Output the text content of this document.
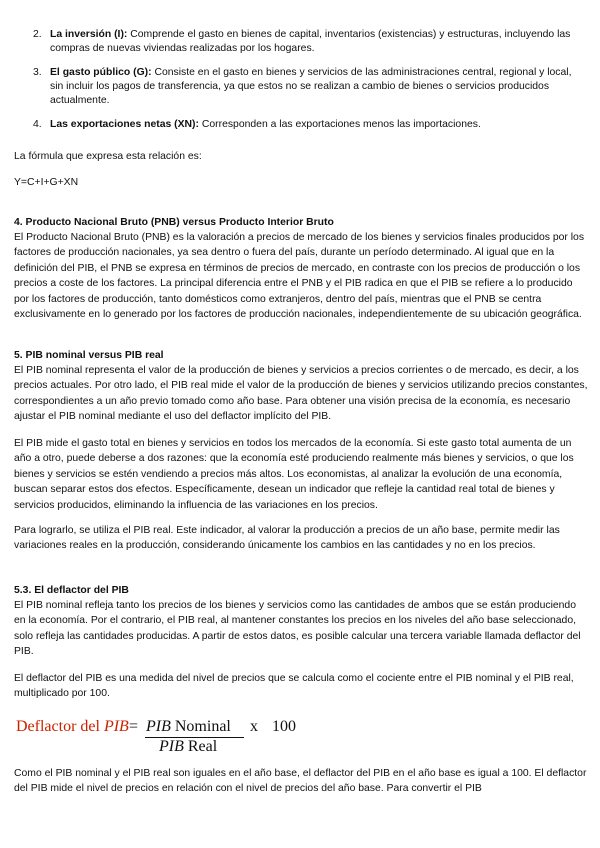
2. La inversión (I): Comprende el gasto en bienes de capital, inventarios (existencias) y estructuras, incluyendo las compras de nuevas viviendas realizadas por los hogares.
3. El gasto público (G): Consiste en el gasto en bienes y servicios de las administraciones central, regional y local, sin incluir los pagos de transferencia, ya que estos no se realizan a cambio de bienes o servicios producidos actualmente.
4. Las exportaciones netas (XN): Corresponden a las exportaciones menos las importaciones.
La fórmula que expresa esta relación es:
Y=C+I+G+XN
4. Producto Nacional Bruto (PNB) versus Producto Interior Bruto
El Producto Nacional Bruto (PNB) es la valoración a precios de mercado de los bienes y servicios finales producidos por los factores de producción nacionales, ya sea dentro o fuera del país, durante un período determinado. Al igual que en la definición del PIB, el PNB se expresa en términos de precios de mercado, en contraste con los precios de producción o los precios a coste de los factores. La principal diferencia entre el PNB y el PIB radica en que el PIB se refiere a lo producido por los factores de producción, tanto domésticos como extranjeros, dentro del país, mientras que el PNB se centra exclusivamente en lo generado por los factores de producción nacionales, independientemente de su ubicación geográfica.
5. PIB nominal versus PIB real
El PIB nominal representa el valor de la producción de bienes y servicios a precios corrientes o de mercado, es decir, a los precios actuales. Por otro lado, el PIB real mide el valor de la producción de bienes y servicios utilizando precios constantes, correspondientes a un año previo tomado como año base. Para obtener una visión precisa de la economía, es necesario ajustar el PIB nominal mediante el uso del deflactor implícito del PIB.
El PIB mide el gasto total en bienes y servicios en todos los mercados de la economía. Si este gasto total aumenta de un año a otro, puede deberse a dos razones: que la economía esté produciendo realmente más bienes y servicios, o que los bienes y servicios se estén vendiendo a precios más altos. Los economistas, al analizar la evolución de una economía, buscan separar estos dos efectos. Específicamente, desean un indicador que refleje la cantidad real total de bienes y servicios producidos, eliminando la influencia de las variaciones en los precios.
Para lograrlo, se utiliza el PIB real. Este indicador, al valorar la producción a precios de un año base, permite medir las variaciones reales en la producción, considerando únicamente los cambios en las cantidades y no en los precios.
5.3. El deflactor del PIB
El PIB nominal refleja tanto los precios de los bienes y servicios como las cantidades de ambos que se están produciendo en la economía. Por el contrario, el PIB real, al mantener constantes los precios en los niveles del año base seleccionado, solo refleja las cantidades producidas. A partir de estos datos, es posible calcular una tercera variable llamada deflactor del PIB.
El deflactor del PIB es una medida del nivel de precios que se calcula como el cociente entre el PIB nominal y el PIB real, multiplicado por 100.
Deflactor del PIB = PIB Nominal
PIB Real
x 100
Como el PIB nominal y el PIB real son iguales en el año base, el deflactor del PIB en el año base es igual a 100. El deflactor del PIB mide el nivel de precios en relación con el nivel de precios del año base. Para convertir el PIB
